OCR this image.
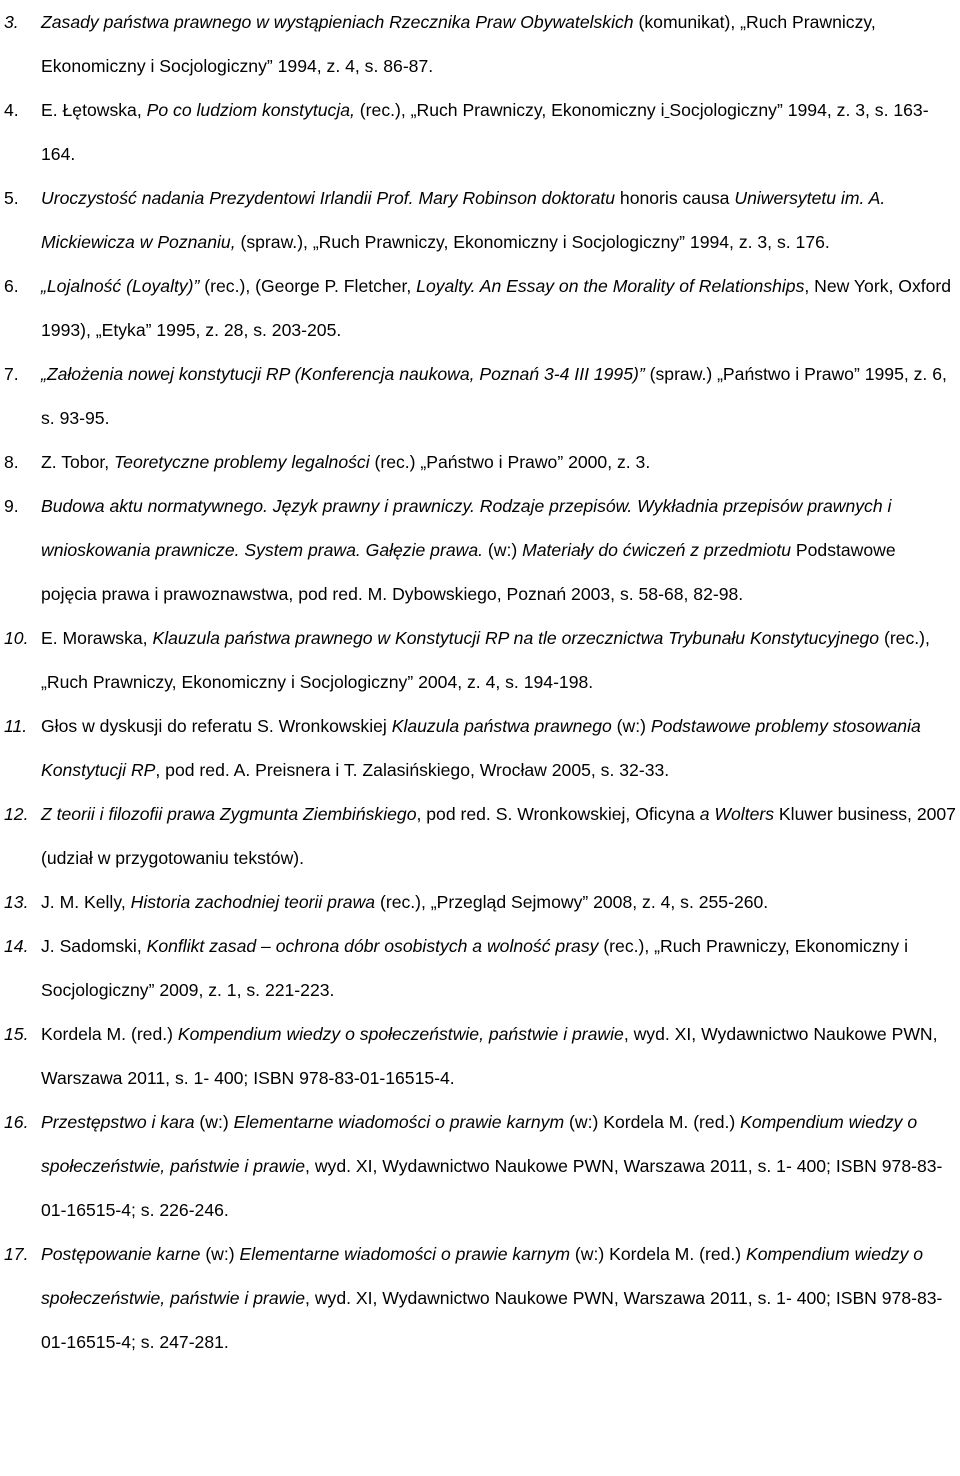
3. Zasady państwa prawnego w wystąpieniach Rzecznika Praw Obywatelskich (komunikat), „Ruch Prawniczy, Ekonomiczny i Socjologiczny” 1994, z. 4, s. 86-87.
4. E. Łętowska, Po co ludziom konstytucja, (rec.), „Ruch Prawniczy, Ekonomiczny i Socjologiczny” 1994, z. 3, s. 163-164.
5. Uroczystość nadania Prezydentowi Irlandii Prof. Mary Robinson doktoratu honoris causa Uniwersytetu im. A. Mickiewicza w Poznaniu, (spraw.), „Ruch Prawniczy, Ekonomiczny i Socjologiczny” 1994, z. 3, s. 176.
6. „Lojalność (Loyalty)” (rec.), (George P. Fletcher, Loyalty. An Essay on the Morality of Relationships, New York, Oxford 1993), „Etyka” 1995, z. 28, s. 203-205.
7. „Założenia nowej konstytucji RP (Konferencja naukowa, Poznań 3-4 III 1995)” (spraw.) „Państwo i Prawo” 1995, z. 6, s. 93-95.
8. Z. Tobor, Teoretyczne problemy legalności (rec.) „Państwo i Prawo” 2000, z. 3.
9. Budowa aktu normatywnego. Język prawny i prawniczy. Rodzaje przepisów. Wykładnia przepisów prawnych i wnioskowania prawnicze. System prawa. Gałęzie prawa. (w:) Materiały do ćwiczeń z przedmiotu Podstawowe pojęcia prawa i prawoznawstwa, pod red. M. Dybowskiego, Poznań 2003, s. 58-68, 82-98.
10. E. Morawska, Klauzula państwa prawnego w Konstytucji RP na tle orzecznictwa Trybunału Konstytucyjnego (rec.), „Ruch Prawniczy, Ekonomiczny i Socjologiczny” 2004, z. 4, s. 194-198.
11. Głos w dyskusji do referatu S. Wronkowskiej Klauzula państwa prawnego (w:) Podstawowe problemy stosowania Konstytucji RP, pod red. A. Preisnera i T. Zalasińskiego, Wrocław 2005, s. 32-33.
12. Z teorii i filozofii prawa Zygmunta Ziembińskiego, pod red. S. Wronkowskiej, Oficyna a Wolters Kluwer business, 2007 (udział w przygotowaniu tekstów).
13. J. M. Kelly, Historia zachodniej teorii prawa (rec.), „Przegląd Sejmowy” 2008, z. 4, s. 255-260.
14. J. Sadomski, Konflikt zasad – ochrona dóbr osobistych a wolność prasy (rec.), „Ruch Prawniczy, Ekonomiczny i Socjologiczny” 2009, z. 1, s. 221-223.
15. Kordela M. (red.) Kompendium wiedzy o społeczeństwie, państwie i prawie, wyd. XI, Wydawnictwo Naukowe PWN, Warszawa 2011, s. 1- 400; ISBN 978-83-01-16515-4.
16. Przestępstwo i kara (w:) Elementarne wiadomości o prawie karnym (w:) Kordela M. (red.) Kompendium wiedzy o społeczeństwie, państwie i prawie, wyd. XI, Wydawnictwo Naukowe PWN, Warszawa 2011, s. 1- 400; ISBN 978-83-01-16515-4; s. 226-246.
17. Postępowanie karne (w:) Elementarne wiadomości o prawie karnym (w:) Kordela M. (red.) Kompendium wiedzy o społeczeństwie, państwie i prawie, wyd. XI, Wydawnictwo Naukowe PWN, Warszawa 2011, s. 1- 400; ISBN 978-83-01-16515-4; s. 247-281.
